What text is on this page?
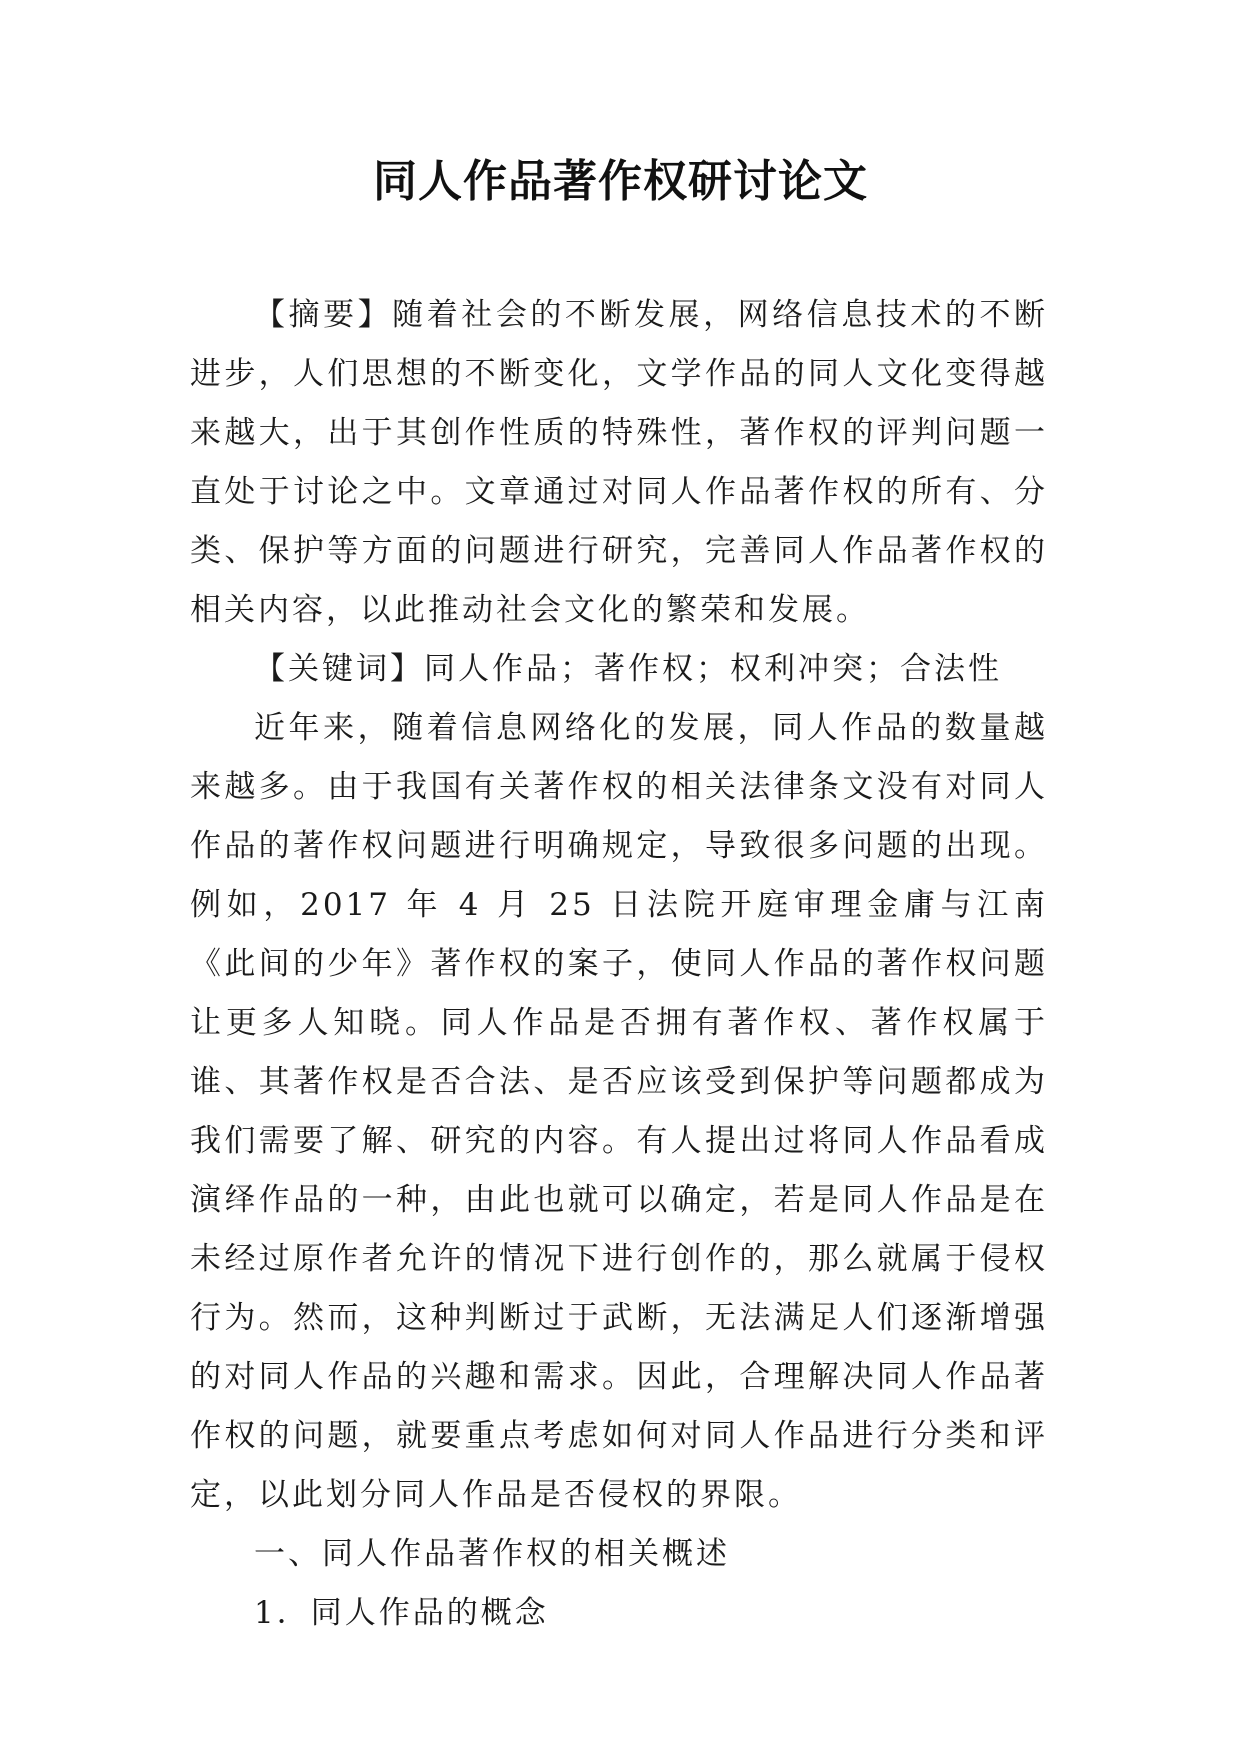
同人作品著作权研讨论文

【摘要】随着社会的不断发展，网络信息技术的不断进步，人们思想的不断变化，文学作品的同人文化变得越来越大，出于其创作性质的特殊性，著作权的评判问题一直处于讨论之中。文章通过对同人作品著作权的所有、分类、保护等方面的问题进行研究，完善同人作品著作权的相关内容，以此推动社会文化的繁荣和发展。

【关键词】同人作品；著作权；权利冲突；合法性

近年来，随着信息网络化的发展，同人作品的数量越来越多。由于我国有关著作权的相关法律条文没有对同人作品的著作权问题进行明确规定，导致很多问题的出现。例如，2017 年 4 月 25 日法院开庭审理金庸与江南《此间的少年》著作权的案子，使同人作品的著作权问题让更多人知晓。同人作品是否拥有著作权、著作权属于谁、其著作权是否合法、是否应该受到保护等问题都成为我们需要了解、研究的内容。有人提出过将同人作品看成演绎作品的一种，由此也就可以确定，若是同人作品是在未经过原作者允许的情况下进行创作的，那么就属于侵权行为。然而，这种判断过于武断，无法满足人们逐渐增强的对同人作品的兴趣和需求。因此，合理解决同人作品著作权的问题，就要重点考虑如何对同人作品进行分类和评定，以此划分同人作品是否侵权的界限。

一、同人作品著作权的相关概述

1．同人作品的概念
